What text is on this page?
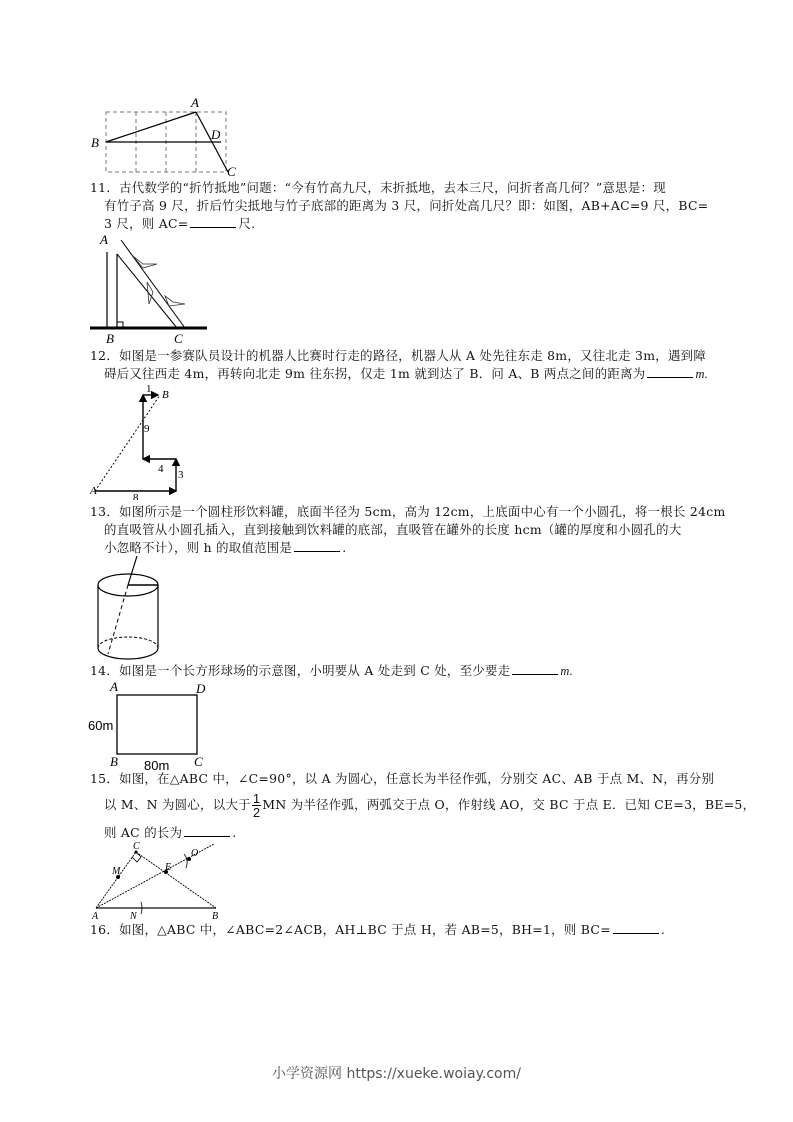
A
B
D
C
11．古代数学的“折竹抵地”问题：“今有竹高九尺，末折抵地，去本三尺，问折者高几何？”意思是：现
有竹子高 9 尺，折后竹尖抵地与竹子底部的距离为 3 尺，问折处高几尺？即：如图，AB+AC=9 尺，BC=
3 尺，则 AC=	尺.
A
B	C
12．如图是一参赛队员设计的机器人比赛时行走的路径，机器人从 A 处先往东走 8m，又往北走 3m，遇到障
碍后又往西走 4m，再转向北走 9m 往东拐，仅走 1m 就到达了 B．问 A、B 两点之间的距离为	m.
A
B
1
9
4 3
8
13．如图所示是一个圆柱形饮料罐，底面半径为 5cm，高为 12cm，上底面中心有一个小圆孔，将一根长 24cm
的直吸管从小圆孔插入，直到接触到饮料罐的底部，直吸管在罐外的长度 hcm（罐的厚度和小圆孔的大
小忽略不计），则 h 的取值范围是	.
14．如图是一个长方形球场的示意图，小明要从 A 处走到 C 处，至少要走	m.
A	D
B	C
60m
80m
15．如图，在△ABC 中，∠C=90°，以 A 为圆心，任意长为半径作弧，分别交 AC、AB 于点 M、N，再分别
以 M、N 为圆心，以大于 $\frac{1}{2}$ MN 为半径作弧，两弧交于点 O，作射线 AO，交 BC 于点 E．已知 CE=3，BE=5，
则 AC 的长为	.
C
M	E
O
A	N	B
16．如图，△ABC 中，∠ABC=2∠ACB，AH⊥BC 于点 H，若 AB=5，BH=1，则 BC=	.
小学资源网 https://xueke.woiay.com/
